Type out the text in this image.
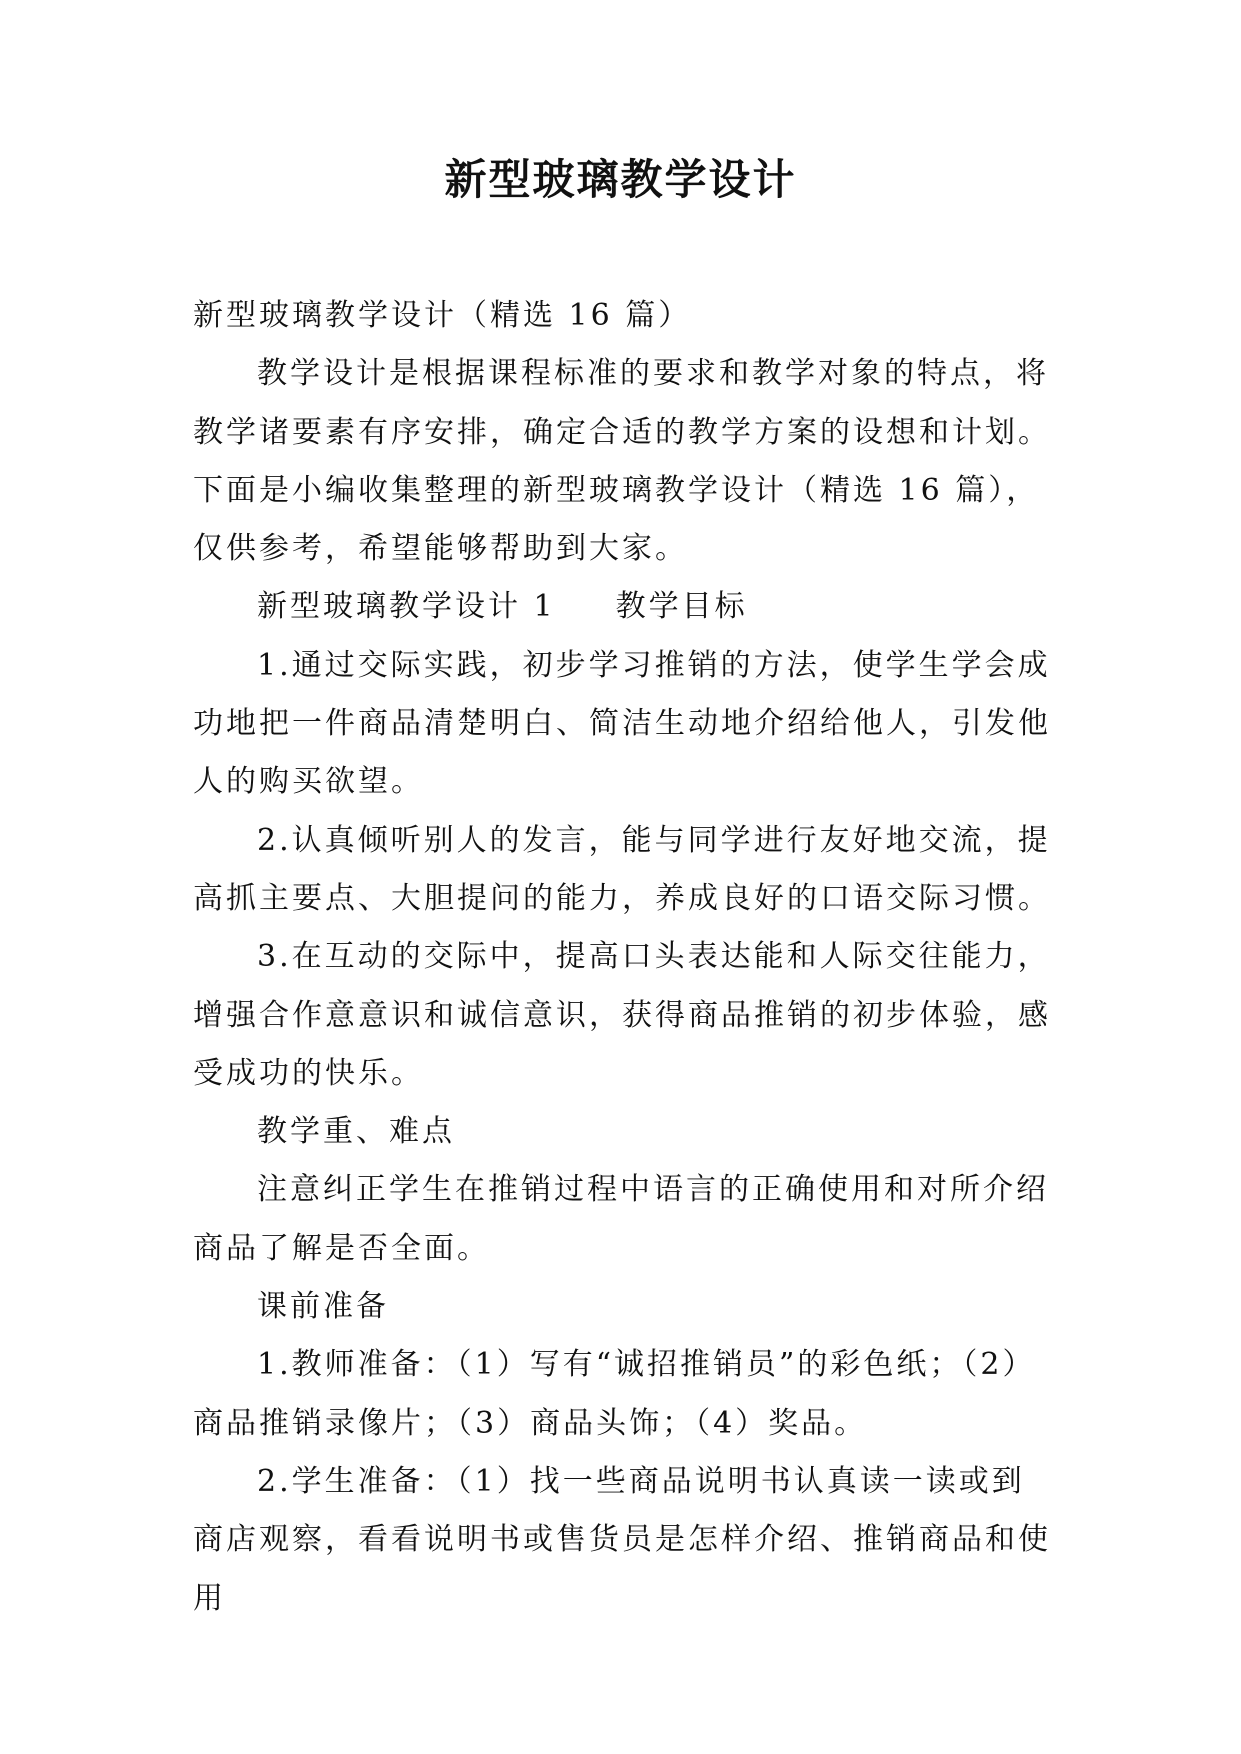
新型玻璃教学设计

新型玻璃教学设计（精选 16 篇）

教学设计是根据课程标准的要求和教学对象的特点，将教学诸要素有序安排，确定合适的教学方案的设想和计划。下面是小编收集整理的新型玻璃教学设计（精选 16 篇），仅供参考，希望能够帮助到大家。

新型玻璃教学设计 1 教学目标

1.通过交际实践，初步学习推销的方法，使学生学会成功地把一件商品清楚明白、简洁生动地介绍给他人，引发他人的购买欲望。

2.认真倾听别人的发言，能与同学进行友好地交流，提高抓主要点、大胆提问的能力，养成良好的口语交际习惯。

3.在互动的交际中，提高口头表达能和人际交往能力，增强合作意意识和诚信意识，获得商品推销的初步体验，感受成功的快乐。

教学重、难点

注意纠正学生在推销过程中语言的正确使用和对所介绍商品了解是否全面。

课前准备

1.教师准备：（1）写有“诚招推销员”的彩色纸；（2）商品推销录像片；（3）商品头饰；（4）奖品。

2.学生准备：（1）找一些商品说明书认真读一读或到商店观察，看看说明书或售货员是怎样介绍、推销商品和使用
